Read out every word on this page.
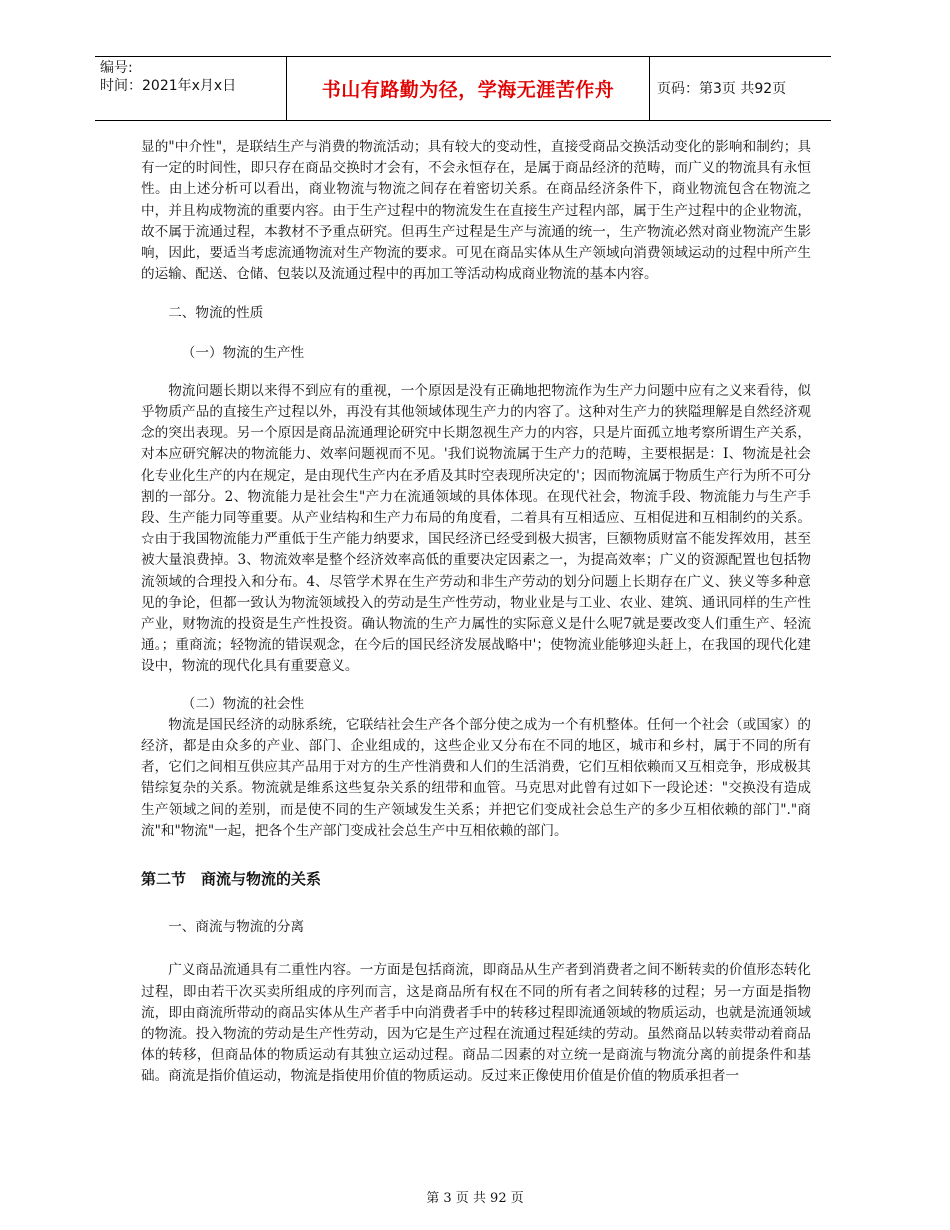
编号:
时间：2021年x月x日	书山有路勤为径，学海无涯苦作舟	页码：第3页 共92页

显的"中介性"，是联结生产与消费的物流活动；具有较大的变动性，直接受商品交换活动变化的影响和制约；具有一定的时间性，即只存在商品交换时才会有，不会永恒存在，是属于商品经济的范畴，而广义的物流具有永恒性。由上述分析可以看出，商业物流与物流之间存在着密切关系。在商品经济条件下，商业物流包含在物流之中，并且构成物流的重要内容。由于生产过程中的物流发生在直接生产过程内部，属于生产过程中的企业物流，故不属于流通过程，本教材不予重点研究。但再生产过程是生产与流通的统一，生产物流必然对商业物流产生影响，因此，要适当考虑流通物流对生产物流的要求。可见在商品实体从生产领域向消费领域运动的过程中所产生的运输、配送、仓储、包装以及流通过程中的再加工等活动构成商业物流的基本内容。

二、物流的性质
（一）物流的生产性

物流问题长期以来得不到应有的重视，一个原因是没有正确地把物流作为生产力问题中应有之义来看待，似乎物质产品的直接生产过程以外，再没有其他领域体现生产力的内容了。这种对生产力的狭隘理解是自然经济观念的突出表现。另一个原因是商品流通理论研究中长期忽视生产力的内容，只是片面孤立地考察所谓生产关系，对本应研究解决的物流能力、效率问题视而不见。'我们说物流属于生产力的范畴，主要根据是：I、物流是社会化专业化生产的内在规定，是由现代生产内在矛盾及其时空表现所决定的'；因而物流属于物质生产行为所不可分割的一部分。2、物流能力是社会生"产力在流通领域的具体体现。在现代社会，物流手段、物流能力与生产手段、生产能力同等重要。从产业结构和生产力布局的角度看，二着具有互相适应、互相促进和互相制约的关系。☆由于我国物流能力严重低于生产能力纳要求，国民经济已经受到极大损害，巨额物质财富不能发挥效用，甚至被大量浪费掉。3、物流效率是整个经济效率高低的重要决定因素之一，为提高效率；广义的资源配置也包括物流领域的合理投入和分布。4、尽管学术界在生产劳动和非生产劳动的划分问题上长期存在广义、狭义等多种意见的争论，但都一致认为物流领域投入的劳动是生产性劳动，物业业是与工业、农业、建筑、通讯同样的生产性产业，财物流的投资是生产性投资。确认物流的生产力属性的实际意义是什么呢7就是要改变人们重生产、轻流通。；重商流；轻物流的错误观念，在今后的国民经济发展战略中'；使物流业能够迎头赶上，在我国的现代化建设中，物流的现代化具有重要意义。

（二）物流的社会性

物流是国民经济的动脉系统，它联结社会生产各个部分使之成为一个有机整体。任何一个社会（或国家）的经济，都是由众多的产业、部门、企业组成的，这些企业又分布在不同的地区，城市和乡村，属于不同的所有者，它们之间相互供应其产品用于对方的生产性消费和人们的生活消费，它们互相依赖而又互相竞争，形成极其错综复杂的关系。物流就是维系这些复杂关系的纽带和血管。马克思对此曾有过如下一段论述："交换没有造成生产领域之间的差别，而是使不同的生产领域发生关系；并把它们变成社会总生产的多少互相依赖的部门"."商流"和"物流"一起，把各个生产部门变成社会总生产中互相依赖的部门。

第二节　商流与物流的关系
一、商流与物流的分离

广义商品流通具有二重性内容。一方面是包括商流，即商品从生产者到消费者之间不断转卖的价值形态转化过程，即由若干次买卖所组成的序列而言，这是商品所有权在不同的所有者之间转移的过程；另一方面是指物流，即由商流所带动的商品实体从生产者手中向消费者手中的转移过程即流通领域的物质运动，也就是流通领域的物流。投入物流的劳动是生产性劳动，因为它是生产过程在流通过程延续的劳动。虽然商品以转卖带动着商品体的转移，但商品体的物质运动有其独立运动过程。商品二因素的对立统一是商流与物流分离的前提条件和基础。商流是指价值运动，物流是指使用价值的物质运动。反过来正像使用价值是价值的物质承担者一

第 3 页 共 92 页
